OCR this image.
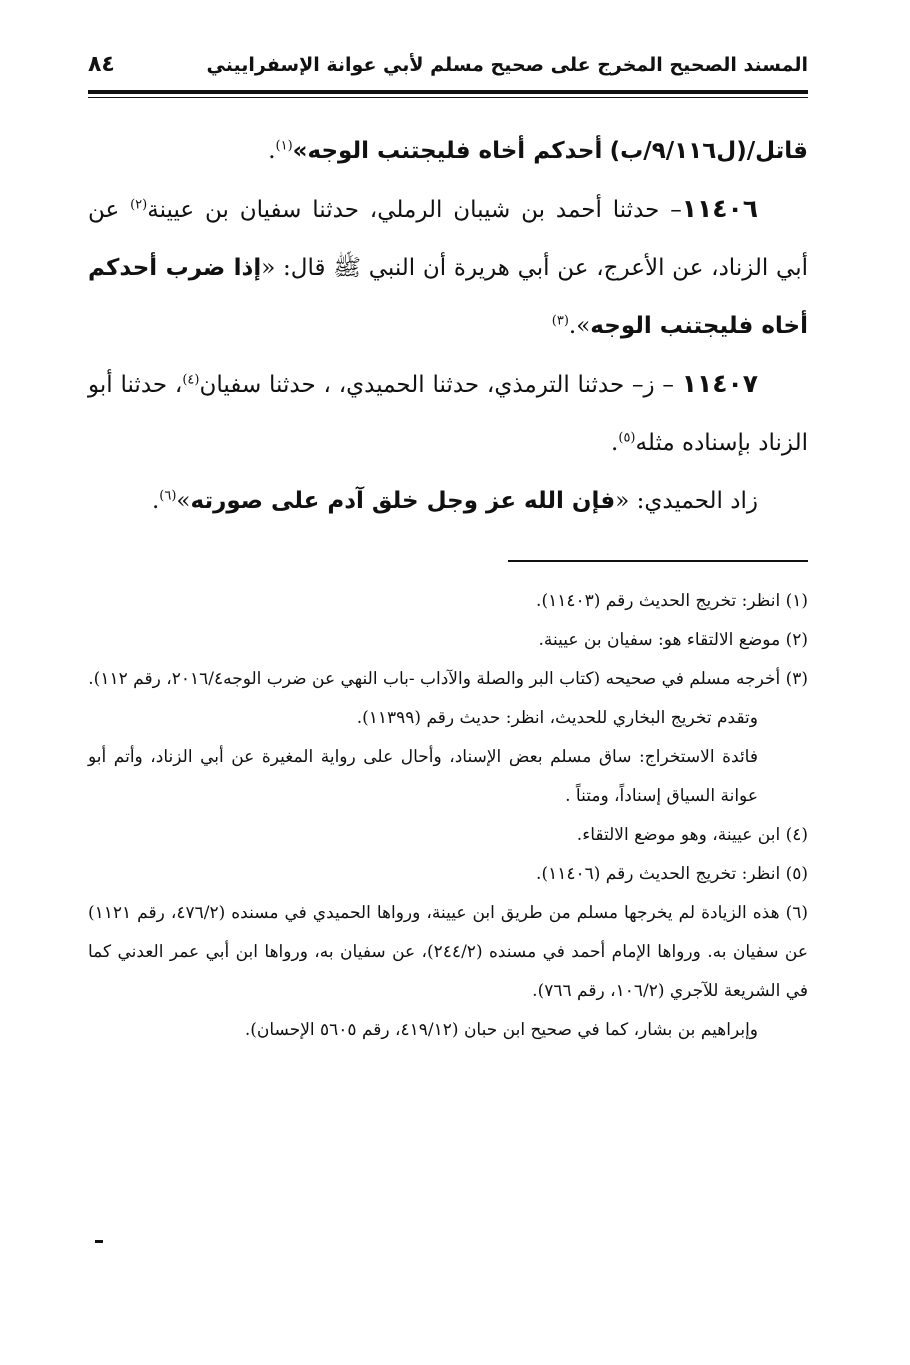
المسند الصحيح المخرج على صحيح مسلم لأبي عوانة الإسفراييني
٨٤

قاتل/(ل٩/١١٦/ب) أحدكم أخاه فليجتنب الوجه»$^{(١)}$.

١١٤٠٦– حدثنا أحمد بن شيبان الرملي، حدثنا سفيان بن عيينة$^{(٢)}$ عن أبي الزناد، عن الأعرج، عن أبي هريرة أن النبي ﷺ قال: «إذا ضرب أحدكم أخاه فليجتنب الوجه».$^{(٣)}$

١١٤٠٧ – ز– حدثنا الترمذي، حدثنا الحميدي، ، حدثنا سفيان$^{(٤)}$، حدثنا أبو الزناد بإسناده مثله$^{(٥)}$.

زاد الحميدي: «فإن الله عز وجل خلق آدم على صورته»$^{(٦)}$.

(١) انظر: تخريج الحديث رقم (١١٤٠٣).

(٢) موضع الالتقاء هو: سفيان بن عيينة.

(٣) أخرجه مسلم في صحيحه (كتاب البر والصلة والآداب -باب النهي عن ضرب الوجه٢٠١٦/٤، رقم ١١٢).

وتقدم تخريج البخاري للحديث، انظر: حديث رقم (١١٣٩٩).

فائدة الاستخراج: ساق مسلم بعض الإسناد، وأحال على رواية المغيرة عن أبي الزناد، وأتم أبو عوانة السياق إسناداً، ومتناً .

(٤) ابن عيينة، وهو موضع الالتقاء.

(٥) انظر: تخريج الحديث رقم (١١٤٠٦).

(٦) هذه الزيادة لم يخرجها مسلم من طريق ابن عيينة، ورواها الحميدي في مسنده (٤٧٦/٢، رقم ١١٢١) عن سفيان به. ورواها الإمام أحمد في مسنده (٢٤٤/٢)، عن سفيان به، ورواها ابن أبي عمر العدني كما في الشريعة للآجري (١٠٦/٢، رقم ٧٦٦).

وإبراهيم بن بشار، كما في صحيح ابن حبان (٤١٩/١٢، رقم ٥٦٠٥ الإحسان).
